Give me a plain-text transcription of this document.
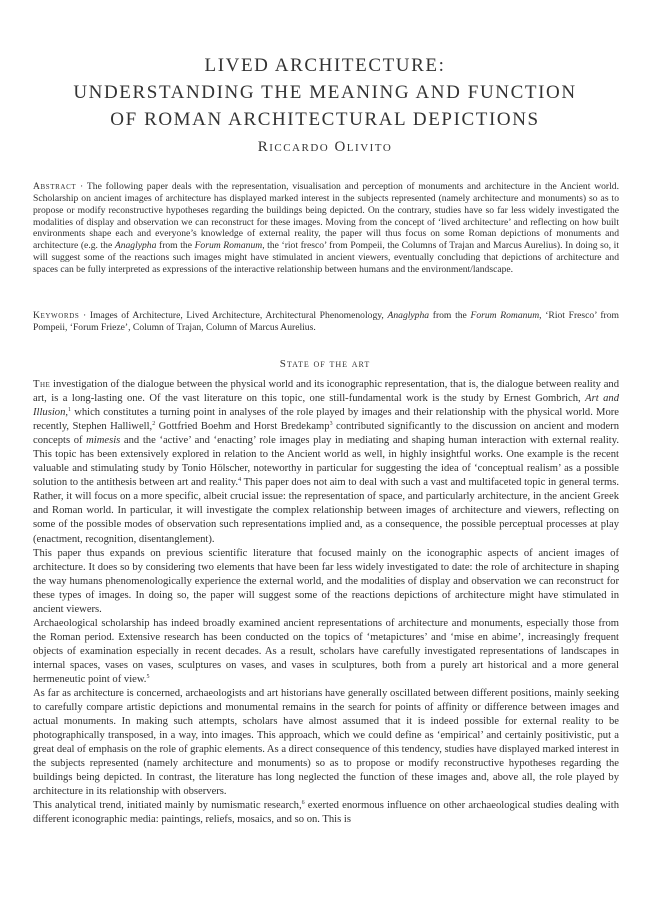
LIVED ARCHITECTURE:
UNDERSTANDING THE MEANING AND FUNCTION
OF ROMAN ARCHITECTURAL DEPICTIONS
Riccardo Olivito
Abstract · The following paper deals with the representation, visualisation and perception of monuments and architecture in the Ancient world. Scholarship on ancient images of architecture has displayed marked interest in the subjects represented (namely architecture and monuments) so as to propose or modify reconstructive hypotheses regarding the buildings being depicted. On the contrary, studies have so far less widely investigated the modalities of display and observation we can reconstruct for these images. Moving from the concept of ‘lived architecture’ and reflecting on how built environments shape each and everyone’s knowledge of external reality, the paper will thus focus on some Roman depictions of monuments and architecture (e.g. the Anaglypha from the Forum Romanum, the ‘riot fresco’ from Pompeii, the Columns of Trajan and Marcus Aurelius). In doing so, it will suggest some of the reactions such images might have stimulated in ancient viewers, eventually concluding that depictions of architecture and spaces can be fully interpreted as expressions of the interactive relationship between humans and the environment/landscape.
Keywords · Images of Architecture, Lived Architecture, Architectural Phenomenology, Anaglypha from the Forum Romanum, ‘Riot Fresco’ from Pompeii, ‘Forum Frieze’, Column of Trajan, Column of Marcus Aurelius.
State of the art

The investigation of the dialogue between the physical world and its iconographic representation, that is, the dialogue between reality and art, is a long-lasting one. Of the vast literature on this topic, one still-fundamental work is the study by Ernest Gombrich, Art and Illusion,$^1$ which constitutes a turning point in analyses of the role played by images and their relationship with the physical world. More recently, Stephen Halliwell,$^2$ Gottfried Boehm and Horst Bredekamp$^3$ contributed significantly to the discussion on ancient and modern concepts of mimesis and the ‘active’ and ‘enacting’ role images play in mediating and shaping human interaction with external reality. This topic has been extensively explored in relation to the Ancient world as well, in highly insightful works. One example is the recent valuable and stimulating study by Tonio Hölscher, noteworthy in particular for suggesting the idea of ‘conceptual realism’ as a possible solution to the antithesis between art and reality.$^4$ This paper does not aim to deal with such a vast and multifaceted topic in general terms. Rather, it will focus on a more specific, albeit crucial issue: the representation of space, and particularly architecture, in the ancient Greek and Roman world. In particular, it will investigate the complex relationship between images of architecture and viewers, reflecting on some of the possible modes of observation such representations implied and, as a consequence, the possible perceptual processes at play (enactment, recognition, disentanglement).

This paper thus expands on previous scientific literature that focused mainly on the iconographic aspects of ancient images of architecture. It does so by considering two elements that have been far less widely investigated to date: the role of architecture in shaping the way humans phenomenologically experience the external world, and the modalities of display and observation we can reconstruct for these types of images. In doing so, the paper will suggest some of the reactions depictions of architecture might have stimulated in ancient viewers.

Archaeological scholarship has indeed broadly examined ancient representations of architecture and monuments, especially those from the Roman period. Extensive research has been conducted on the topics of ‘metapictures’ and ‘mise en abime’, increasingly frequent objects of examination especially in recent decades. As a result, scholars have carefully investigated representations of landscapes in internal spaces, vases on vases, sculptures on vases, and vases in sculptures, both from a purely art historical and a more general hermeneutic point of view.$^5$

As far as architecture is concerned, archaeologists and art historians have generally oscillated between different positions, mainly seeking to carefully compare artistic depictions and monumental remains in the search for points of affinity or difference between images and actual monuments. In making such attempts, scholars have almost assumed that it is indeed possible for external reality to be photographically transposed, in a way, into images. This approach, which we could define as ‘empirical’ and certainly positivistic, put a great deal of emphasis on the role of graphic elements. As a direct consequence of this tendency, studies have displayed marked interest in the subjects represented (namely architecture and monuments) so as to propose or modify reconstructive hypotheses regarding the buildings being depicted. In contrast, the literature has long neglected the function of these images and, above all, the role played by architecture in its relationship with observers.

This analytical trend, initiated mainly by numismatic research,$^6$ exerted enormous influence on other archaeological studies dealing with different iconographic media: paintings, reliefs, mosaics, and so on. This is
